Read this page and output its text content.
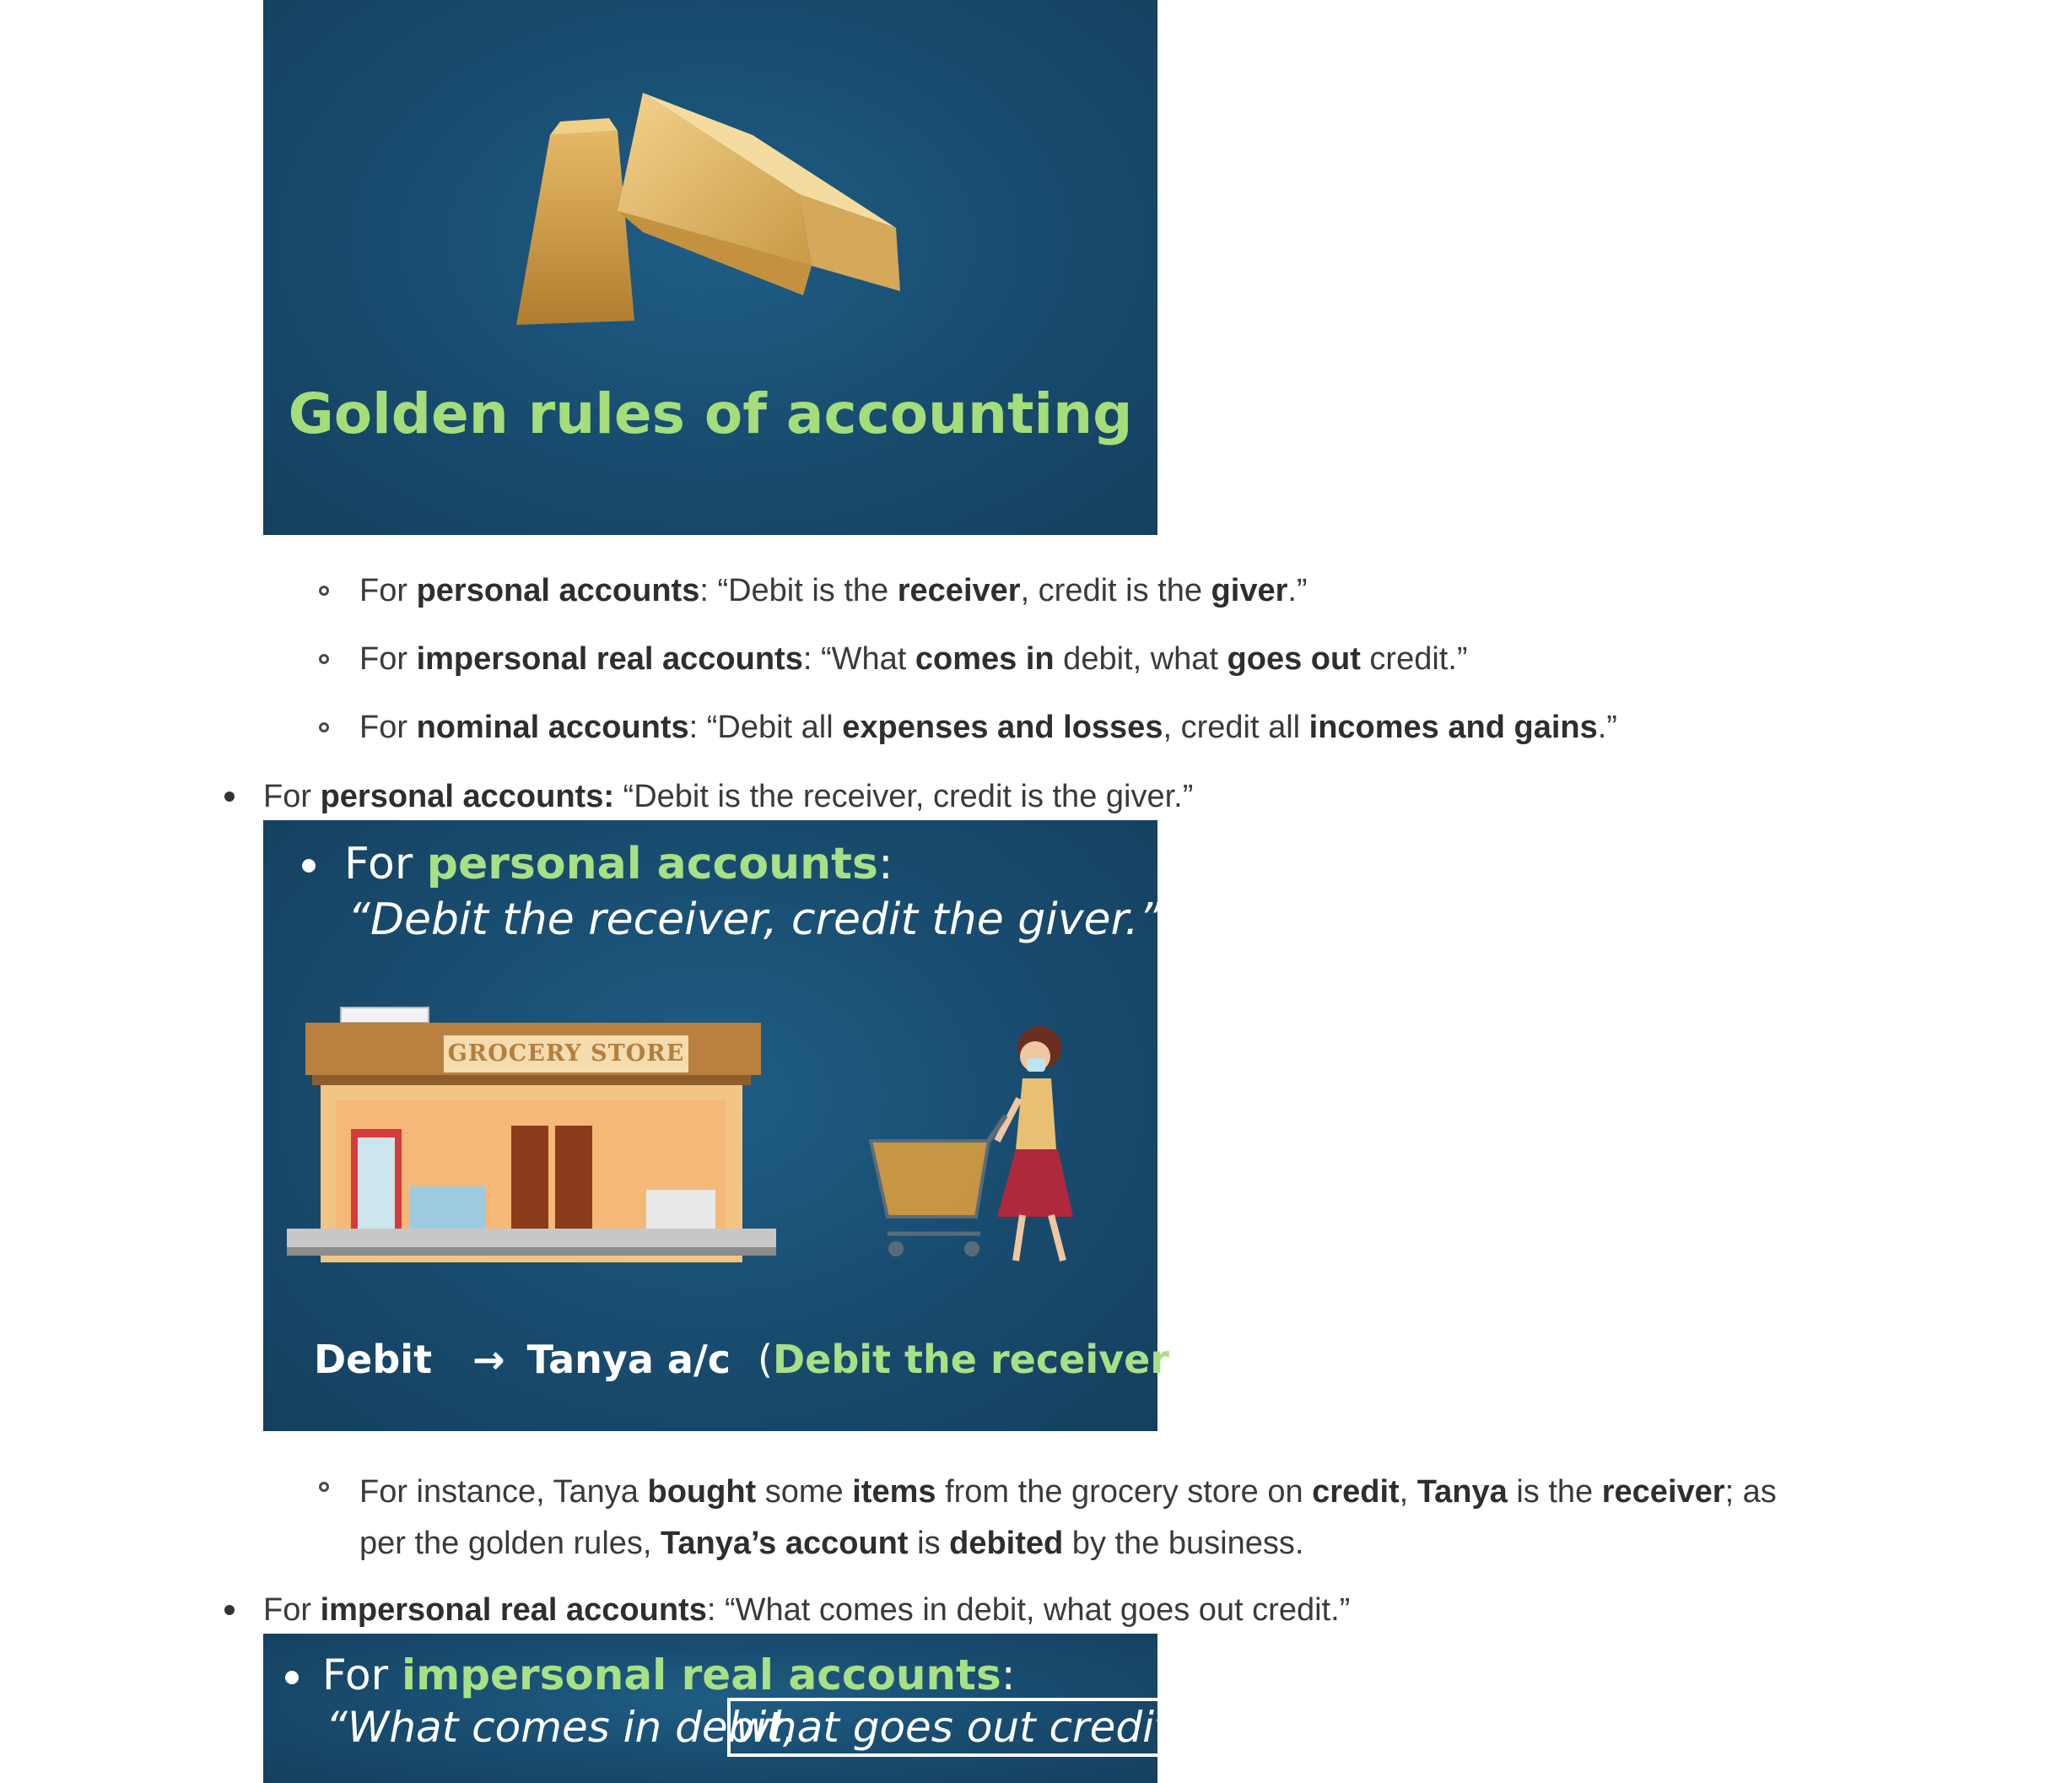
Golden rules of accounting
For personal accounts: “Debit is the receiver, credit is the giver.”
For impersonal real accounts: “What comes in debit, what goes out credit.”
For nominal accounts: “Debit all expenses and losses, credit all incomes and gains.”
For personal accounts: “Debit is the receiver, credit is the giver.”
For personal accounts:
“Debit the receiver, credit the giver.”
GROCERY STORE
Debit → Tanya a/c (Debit the receiver)
For instance, Tanya bought some items from the grocery store on credit, Tanya is the receiver; as
per the golden rules, Tanya’s account is debited by the business.
For impersonal real accounts: “What comes in debit, what goes out credit.”
For impersonal real accounts:
“What comes in debit,
what goes out credit.”
